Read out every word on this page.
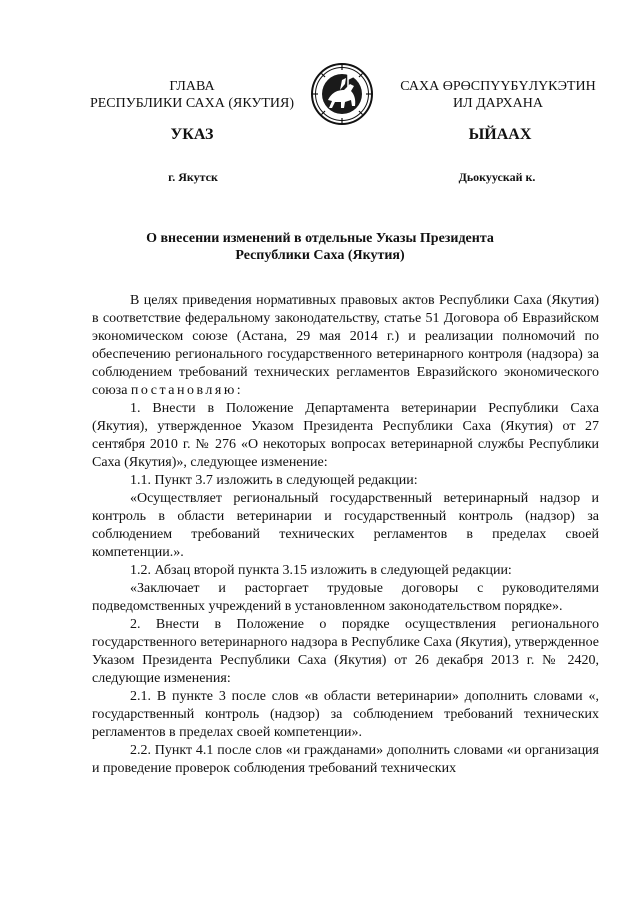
ГЛАВА
РЕСПУБЛИКИ САХА (ЯКУТИЯ)
САХА ӨРӨСПҮҮБҮЛҮКЭТИН
ИЛ ДАРХАНА
УКАЗ	ЫЙААХ
г. Якутск	Дьокуускай к.
О внесении изменений в отдельные Указы Президента
Республики Саха (Якутия)

В целях приведения нормативных правовых актов Республики Саха (Якутия) в соответствие федеральному законодательству, статье 51 Договора об Евразийском экономическом союзе (Астана, 29 мая 2014 г.) и реализации полномочий по обеспечению регионального государственного ветеринарного контроля (надзора) за соблюдением требований технических регламентов Евразийского экономического союза постановляю:

1. Внести в Положение Департамента ветеринарии Республики Саха (Якутия), утвержденное Указом Президента Республики Саха (Якутия) от 27 сентября 2010 г. № 276 «О некоторых вопросах ветеринарной службы Республики Саха (Якутия)», следующее изменение:

1.1. Пункт 3.7 изложить в следующей редакции:

«Осуществляет региональный государственный ветеринарный надзор и контроль в области ветеринарии и государственный контроль (надзор) за соблюдением требований технических регламентов в пределах своей компетенции.».

1.2. Абзац второй пункта 3.15 изложить в следующей редакции:

«Заключает и расторгает трудовые договоры с руководителями подведомственных учреждений в установленном законодательством порядке».

2. Внести в Положение о порядке осуществления регионального государственного ветеринарного надзора в Республике Саха (Якутия), утвержденное Указом Президента Республики Саха (Якутия) от 26 декабря 2013 г. № 2420, следующие изменения:

2.1. В пункте 3 после слов «в области ветеринарии» дополнить словами «, государственный контроль (надзор) за соблюдением требований технических регламентов в пределах своей компетенции».

2.2. Пункт 4.1 после слов «и гражданами» дополнить словами «и организация и проведение проверок соблюдения требований технических
